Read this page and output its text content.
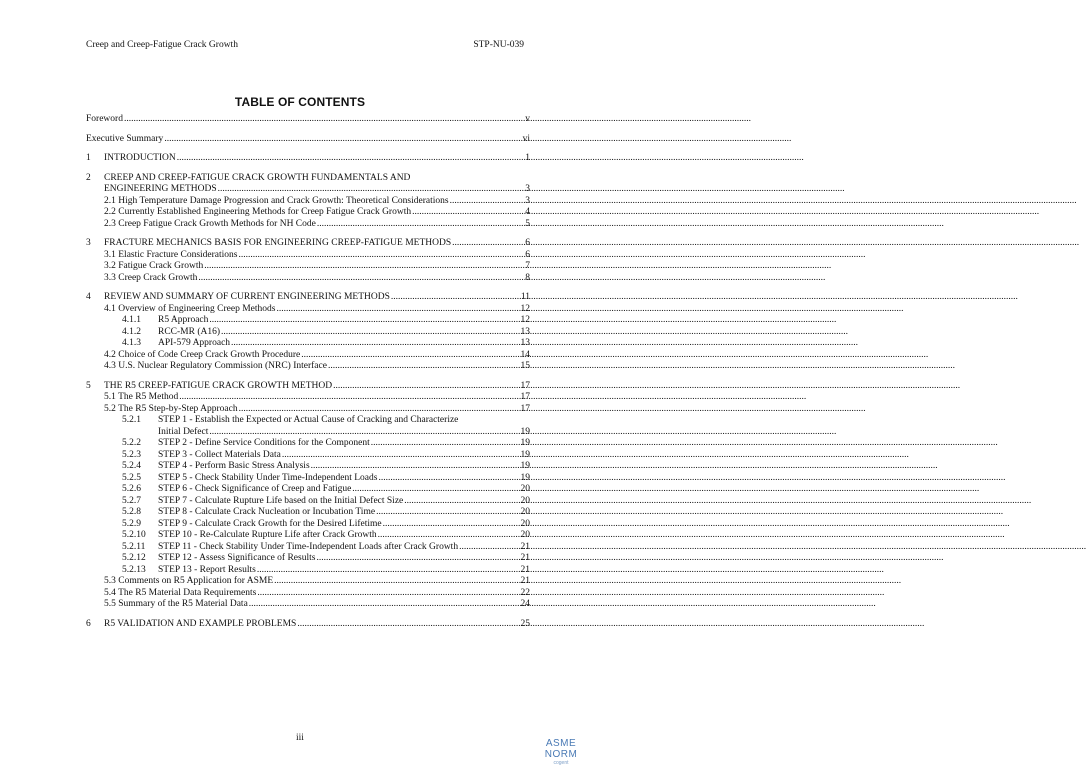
Creep and Creep-Fatigue Crack Growth	STP-NU-039
TABLE OF CONTENTS
Foreword .....	v
Executive Summary .....	vi
1 INTRODUCTION .....	1
2 CREEP AND CREEP-FATIGUE CRACK GROWTH FUNDAMENTALS AND
ENGINEERING METHODS .....	3
2.1 High Temperature Damage Progression and Crack Growth: Theoretical Considerations .....	3
2.2 Currently Established Engineering Methods for Creep Fatigue Crack Growth .....	4
2.3 Creep Fatigue Crack Growth Methods for NH Code .....	5
3 FRACTURE MECHANICS BASIS FOR ENGINEERING CREEP-FATIGUE METHODS .....	6
3.1 Elastic Fracture Considerations .....	6
3.2 Fatigue Crack Growth .....	7
3.3 Creep Crack Growth .....	8
4 REVIEW AND SUMMARY OF CURRENT ENGINEERING METHODS .....	11
4.1 Overview of Engineering Creep Methods .....	12
4.1.1 R5 Approach .....	12
4.1.2 RCC-MR (A16) .....	13
4.1.3 API-579 Approach .....	13
4.2 Choice of Code Creep Crack Growth Procedure .....	14
4.3 U.S. Nuclear Regulatory Commission (NRC) Interface .....	15
5 THE R5 CREEP-FATIGUE CRACK GROWTH METHOD .....	17
5.1 The R5 Method .....	17
5.2 The R5 Step-by-Step Approach .....	17
5.2.1 STEP 1 - Establish the Expected or Actual Cause of Cracking and Characterize
Initial Defect .....	19
5.2.2 STEP 2 - Define Service Conditions for the Component .....	19
5.2.3 STEP 3 - Collect Materials Data .....	19
5.2.4 STEP 4 - Perform Basic Stress Analysis .....	19
5.2.5 STEP 5 - Check Stability Under Time-Independent Loads .....	19
5.2.6 STEP 6 - Check Significance of Creep and Fatigue .....	20
5.2.7 STEP 7 - Calculate Rupture Life based on the Initial Defect Size .....	20
5.2.8 STEP 8 - Calculate Crack Nucleation or Incubation Time .....	20
5.2.9 STEP 9 - Calculate Crack Growth for the Desired Lifetime .....	20
5.2.10 STEP 10 - Re-Calculate Rupture Life after Crack Growth .....	20
5.2.11 STEP 11 - Check Stability Under Time-Independent Loads after Crack Growth .....	21
5.2.12 STEP 12 - Assess Significance of Results .....	21
5.2.13 STEP 13 - Report Results .....	21
5.3 Comments on R5 Application for ASME .....	21
5.4 The R5 Material Data Requirements .....	22
5.5 Summary of the R5 Material Data .....	24
6 R5 VALIDATION AND EXAMPLE PROBLEMS .....	25
iii	ASME NORM
cogent
